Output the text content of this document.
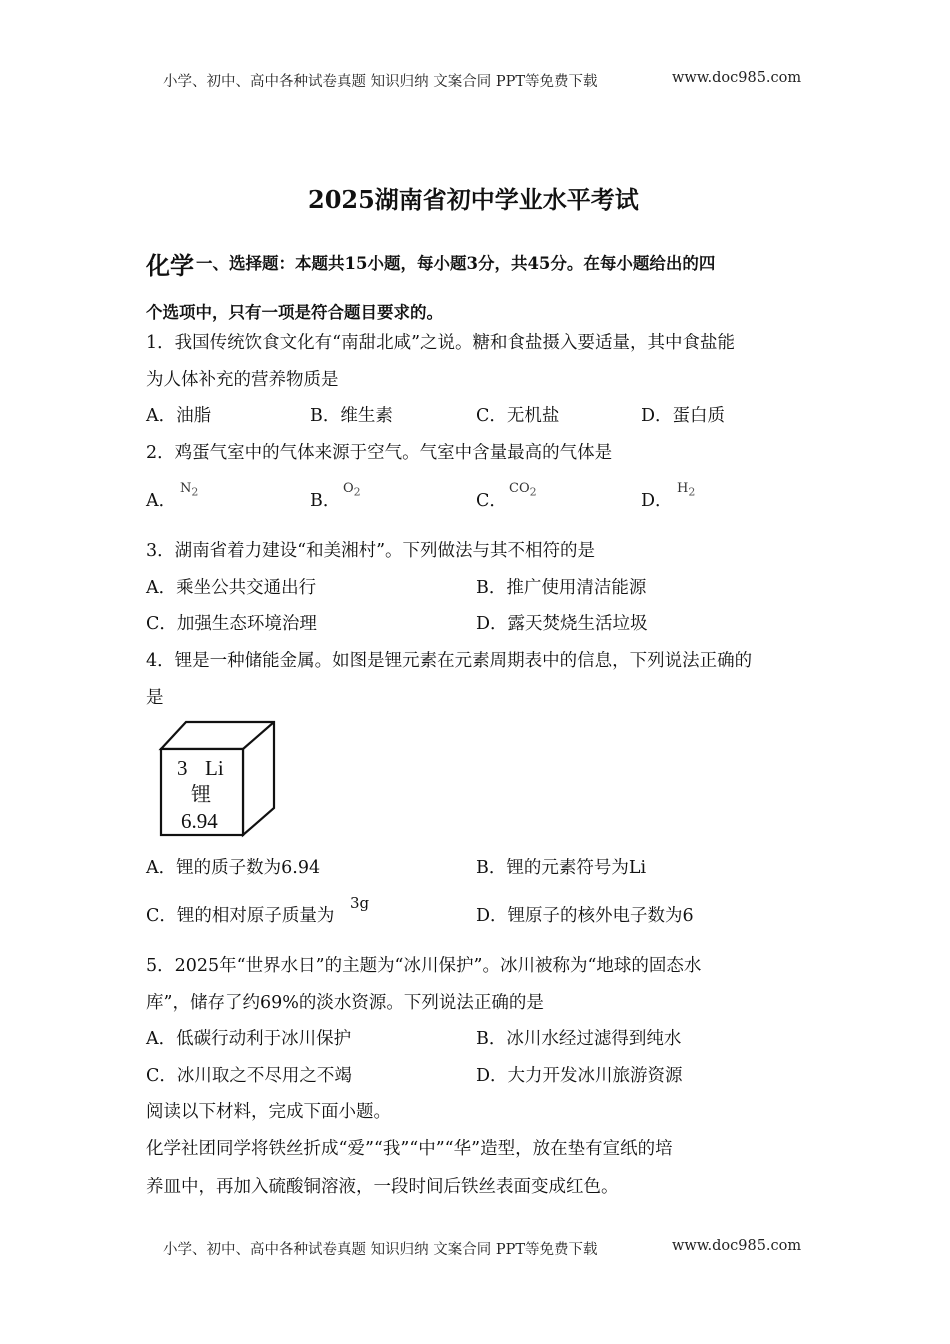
小学、初中、高中各种试卷真题 知识归纳 文案合同 PPT等免费下载	www.doc985.com
2025湖南省初中学业水平考试
化学 一、选择题：本题共15小题，每小题3分，共45分。在每小题给出的四
个选项中，只有一项是符合题目要求的。
1．我国传统饮食文化有“南甜北咸”之说。糖和食盐摄入要适量，其中食盐能
为人体补充的营养物质是
A．油脂	B．维生素	C．无机盐	D．蛋白质
2．鸡蛋气室中的气体来源于空气。气室中含量最高的气体是
A．
$N_2$	B．
$O_2$	C．
$CO_2$	D．
$H_2$
3．湖南省着力建设“和美湘村”。下列做法与其不相符的是
A．乘坐公共交通出行	B．推广使用清洁能源
C．加强生态环境治理	D．露天焚烧生活垃圾
4．锂是一种储能金属。如图是锂元素在元素周期表中的信息，下列说法正确的
是
3 Li
锂
6.94
A．锂的质子数为6.94	B．锂的元素符号为Li
C．锂的相对原子质量为
3g
D．锂原子的核外电子数为6
5．2025年“世界水日”的主题为“冰川保护”。冰川被称为“地球的固态水
库”，储存了约69%的淡水资源。下列说法正确的是
A．低碳行动利于冰川保护	B．冰川水经过滤得到纯水
C．冰川取之不尽用之不竭	D．大力开发冰川旅游资源
阅读以下材料，完成下面小题。
化学社团同学将铁丝折成“爱”“我”“中”“华”造型，放在垫有宣纸的培
养皿中，再加入硫酸铜溶液，一段时间后铁丝表面变成红色。
小学、初中、高中各种试卷真题 知识归纳 文案合同 PPT等免费下载	www.doc985.com
